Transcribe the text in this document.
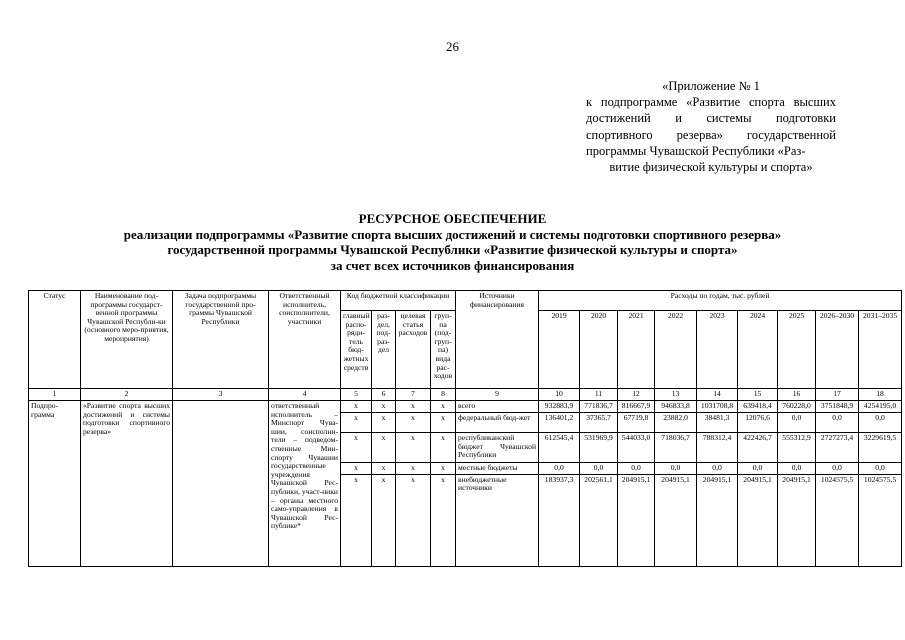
26
«Приложение № 1
к подпрограмме «Развитие спорта высших достижений и системы подготовки спортивного резерва» государственной программы Чувашской Республики «Раз-
витие физической культуры и спорта»
РЕСУРСНОЕ ОБЕСПЕЧЕНИЕ
реализации подпрограммы «Развитие спорта высших достижений и системы подготовки спортивного резерва»
государственной программы Чувашской Республики «Развитие физической культуры и спорта»
за счет всех источников финансирования
Статус	Наименование под-программы государст-венной программы Чувашской Республи-ки (основного меро-приятия, мероприятия)	Задача подпрограммы государственной про-граммы Чувашской Республики	Ответственный исполнитель, соисполнители, участники	Код бюджетной классификации				Источники финансирования	Расходы по годам, тыс. рублей								
				главный распо-ряди-тель бюд-жетных средств	раз-дел, под-раз-дел	целевая статья расходов	груп-па (под-груп-па) вида рас-ходов		2019	2020	2021	2022	2023	2024	2025	2026–2030	2031–2035
1	2	3	4	5	6	7	8	9	10	11	12	13	14	15	16	17	18
Подпро-грамма	«Развитие спорта высших достижений и системы подготовки спортивного резерва»		ответственный исполнитель – Минспорт Чува-шии, соисполни-тели – подведом-ственные Мин-спорту Чувашии государственные учреждения Чувашской Рес-публики, участ-ники – органы местного само-управления в Чувашской Рес-публике*	x	x	x	x	всего	932883,9	771836,7	816667,9	946833,8	1031708,8	639418,4	760228,0	3751848,9	4254195,0
				x	x	x	x	федеральный бюд-жет	136401,2	37365,7	67719,8	23882,0	38481,3	12076,6	0,0	0,0	0,0
				x	x	x	x	республиканский бюджет Чувашской Республики	612545,4	531969,9	544033,0	718036,7	788312,4	422426,7	555312,9	2727273,4	3229619,5
				x	x	x	x	местные бюджеты	0,0	0,0	0,0	0,0	0,0	0,0	0,0	0,0	0,0
				x	x	x	x	внебюджетные источники	183937,3	202561,1	204915,1	204915,1	204915,1	204915,1	204915,1	1024575,5	1024575,5
